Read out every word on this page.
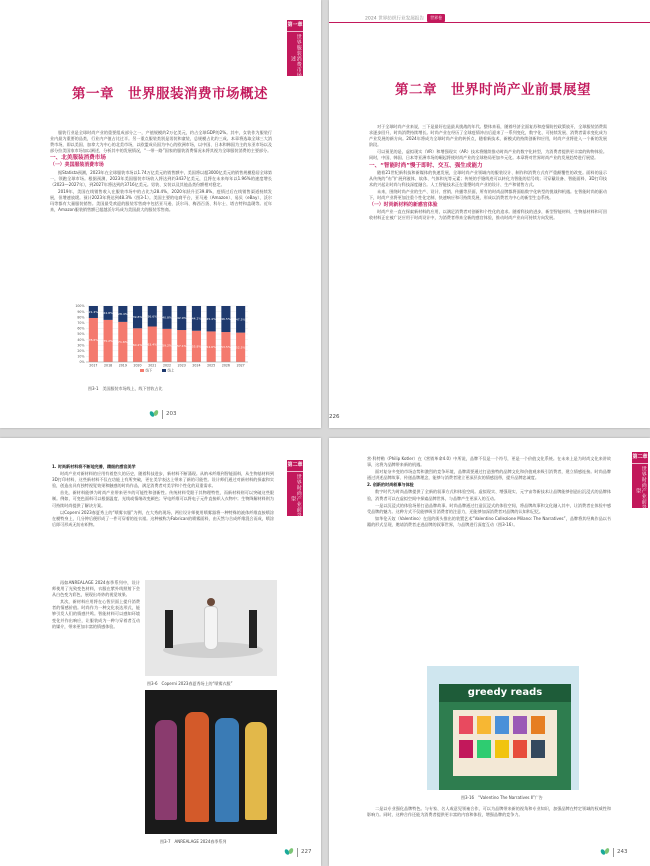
第一章
世界服装消费市场概述
第一章　世界服装消费市场概述

服装行业是全球时尚产业的重要组成部分之一，产值规模约2万亿美元，约占全球GDP的2%。其中，女装作为服装行业内最为重要的品类，行业内产值占比过半。另一重点服装类别是男装和童装，总规模占比约三成。本章将选取全球三大消费市场，即以美国、加拿大为中心的北美市场，以欧盟成员国为中心的欧洲市场，以中国、日本和韩国为主的东亚市场以及部分拉美国家市场加以阐述，分析其中的发展情况，“一带一路”国家的服装消费情况未将其视为全球服装消费的主要部分。

一、北美服装消费市场

（一）美国服装消费市场

据Statista预测，2023年在全球服装市场以1.74万亿美元的销售额中，美国将以超3000亿美元的销售规模稳居全球第一，领跑全球市场。根据预测，2023年美国服装市场收入将达到约3437亿美元，且将在未来每年以1.96%的速度增长（2023—2027年），到2027年将达到约3716亿美元。男装、女装以及其他品类份额相对稳定。

2019年，美国在线销售收入在服装市场中的占比为28.4%，2020年跃升至39.8%，疫情过后在线销售渠道持续发展，但增速放缓。预计2023年将达到48.3%（图3-1）。美国主要的电商平台，亚马逊（Amazon）、易贝（eBay）、沃尔玛等都有大量服装销售。美国最受欢迎的服装零售商中包括亚马逊、沃尔玛、梅西百货、科尔士、塔吉特和盖璞等。近年来，Amazon服装销售额已超越沃尔玛成为美国最大的服装零售商。

0%
10%
20%
30%
40%
50%
60%
70%
80%
90%
100%
78.6%
21.4%
2017
75.2%
24.8%
2018
71.6%
28.4%
2019
60.2%
39.8%
2020
63.4%
36.6%
2021
59.2%
40.8%
2022
57.1%
42.9%
2023
55.8%
44.2%
2024
54.6%
45.4%
2025
53.5%
46.5%
2026
52.5%
47.5%
2027
线下	线上
图3-1　美国服装市场线上、线下营收占比
203
2024 世界纺织行业发展报告 世界卷
第二章　世界时尚产业前景展望

对于全球时尚产业来说，三下是最好也是最具挑战的年代。整体来看，随着经济全面复苏和疫情防控政策放开，全球服装消费需求逐步回升，时尚消费持续增长。时尚产业在经历了全球疫情冲击后迎来了一系列变化，数字化、可持续发展、消费者需求变化成为产业发展的新方向。2024年将成为全球时尚产业的转折点，随着新技术、新模式的持续创新和应用，时尚产业将进入一个新的发展阶段。

可以预见的是，虚拟现实（VR）和增强现实（AR）技术将继续推动时尚产业的数字化转型，为消费者提供更丰富的购物体验。同时，中国、韩国、日本等亚洲市场的崛起将使时尚产业的全球格局更加多元化。本章将对世界时尚产业的发展趋势进行展望。

一、“智能时尚”慢于即时、交互、强生成能力

随着21世纪新科技和新媒体的快速发展，全球时尚产业领域内的服装设计、制作和消费方式有严重颠覆性的改变。面料的显示从传统的“布”扩展到液体、软体、气体和光等元素；传统的手缝线迹可以转化为智能的信号线；可穿戴设备、智能面料、3D打印技术的兴起让时尚与科技深度融合。人工智能技术正在重塑时尚产业的设计、生产和销售方式。

未来，围绕时尚产业的生产、设计、营销、传播等层面，所有的时尚品牌都将面临数字化转型的挑战和机遇。在智能时尚的驱动下，时尚产业将更加注重个性化定制、快速响应和可持续发展，形成以消费者为中心的新型生态系统。

（一）时尚新材料的新感官体验

时尚产业一直在探索新材料的应用，以满足消费者对创新和个性化的追求。随着科技的进步，新型智能材料、生物基材料和可回收材料正在被广泛应用于时尚设计中，为消费者带来全新的感官体验，推动时尚产业向可持续方向发展。

226
第二章
世界时尚产业前景展望

1. 时尚新材料将不断地完善，精细的感官美学

时尚产业对新材料的应用有着悠久的历史，随着科技进步，新材料不断涌现。从纳米纤维到智能面料，从生物基材料到3D打印材料，这些新材料不仅在功能上有所突破，更在美学表达上带来了新的可能性。设计师们通过对新材料的探索和实验，创造出具有独特视觉效果和触感的时尚作品，满足消费者对美学和个性化的双重需求。

首先，新材料能够为时尚产业带来更多的可能性和创新性。传统材料受限于其物理特性，而新材料则可以突破这些限制。例如，可变色面料可以根据温度、光线或情绪改变颜色；导电纤维可以将电子元件直接织入衣物中；生物降解材料则为可持续时尚提供了解决方案。

以Coperni 2023春夏秀上的“喷雾衣服”为例，在大秀的现场，两位设计师使用喷雾器将一种特殊的液体纤维直接喷涂在模特身上，几分钟后便形成了一件可穿着的连衣裙。这种被称为Fabrican的喷雾面料，由天然与合成纤维混合而成，喷涂后即可形成无纺布织物。

再如ANREALAGE 2024春季系列中，设计师使用了光致变色材料，衣服在紫外线照射下会从白色变为彩色，展现出奇妙的视觉效果。

其次，新材料应用将在心智层面上提升消费者的情感价值。时尚作为一种文化表达形式，能够引发人们的情感共鸣。智能材料可以感知环境变化并作出响应，让服装成为一种与穿着者互动的媒介，带来更加丰富的情感体验。

图3-6　Coperni 2023春夏秀场上的“喷雾衣服”
图3-7　ANREALAGE 2024春季系列
227
第二章
世界时尚产业前景展望

营·科特勒（Philip Kotler）在《营销革命4.0》中所说，品牌不仅是一个符号，更是一个价值文化系统。在未来上是为时尚文化来讲故事，这将为品牌带来新的机遇。

面对复杂多变的市场态势和激烈的竞争环境，品牌需要通过打造独特的品牌文化和价值观来吸引消费者，建立情感连接。时尚品牌通过讲述品牌故事、传递品牌理念，能够与消费者建立更深层次的情感纽带，提升品牌忠诚度。

2. 创新的时尚叙事与体验

数字时代为时尚品牌提供了全新的叙事方式和体验空间。虚拟现实、增强现实、元宇宙等新技术让品牌能够创造出沉浸式的品牌体验，消费者可以在虚拟空间中探索品牌世界，与品牌产生更深入的互动。

一是以沉浸式的体验场景打造品牌故事。时尚品牌通过打造沉浸式的体验空间，将品牌故事和文化融入其中，让消费者在体验中感受品牌的魅力。这种方式不仅能够吸引消费者的注意力，还能够加深消费者对品牌的认知和记忆。

如华伦天奴（Valentino）在纽约街头推出的装置艺术“Valentino Collezione Milano: The Narratives”，品牌将其经典作品以书籍的形式呈现，邀请消费者走进品牌的叙事世界，与品牌进行深度互动（图3-16）。

greedy reads
图3-16　“Valentino The Narratives Ⅱ”广告

二是以专业强化品牌特色。与专家、名人或意见领袖合作，可以为品牌带来新的视角和专业知识，加强品牌在特定领域的权威性和影响力。同时，这种合作还能为消费者提供更丰富的内容和体验，增强品牌的竞争力。

243
